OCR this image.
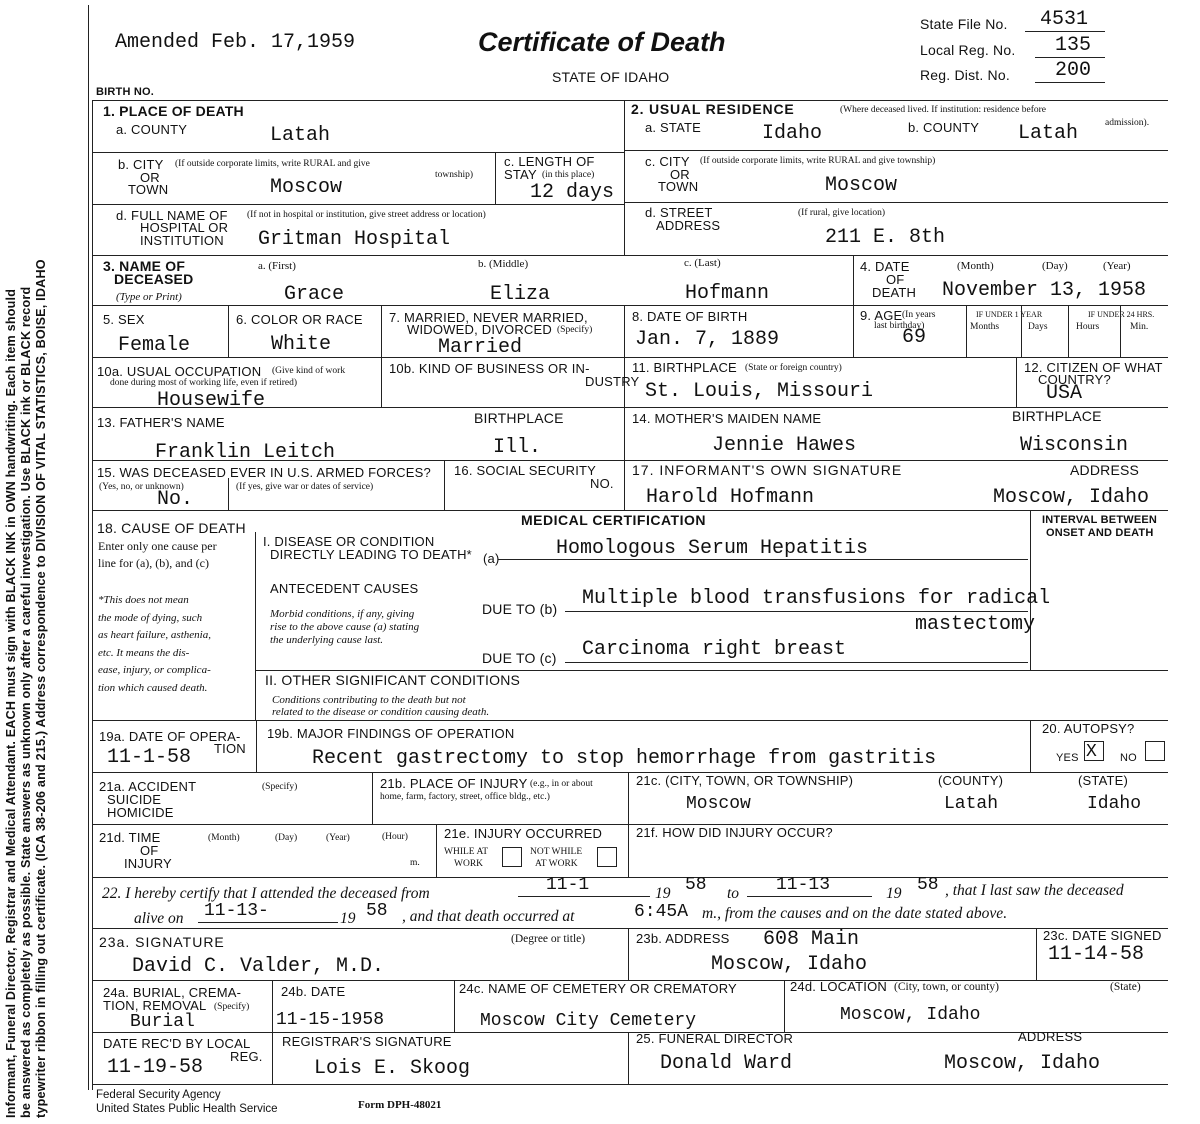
Informant, Funeral Director, Registrar and Medical Attendant. EACH must sign with BLACK INK in OWN handwriting. Each item should be answered as completely as possible. State answers as unknown only after a careful investigation. Use BLACK ink or BLACK record typewriter ribbon in filling out certificate. (ICA 38-206 and 215.) Address correspondence to DIVISION OF VITAL STATISTICS, BOISE, IDAHO
Amended Feb. 17,1959	Certificate of Death
STATE OF IDAHO
BIRTH NO.
State File No. 4531
Local Reg. No. 135
Reg. Dist. No. 200
1. PLACE OF DEATH
a. COUNTY	Latah
b. CITY (If outside corporate limits, write RURAL and give
township)
OR
TOWN	Moscow
c. LENGTH OF
STAY (in this place)
12 days
d. FULL NAME OF (If not in hospital or institution, give street address or location)
HOSPITAL OR
INSTITUTION Gritman Hospital
2. USUAL RESIDENCE	(Where deceased lived. If institution: residence before
admission).
a. STATE	Idaho	b. COUNTY Latah
c. CITY (If outside corporate limits, write RURAL and give township)
OR
TOWN	Moscow
d. STREET
ADDRESS
(If rural, give location)
211 E. 8th
3. NAME OF
DECEASED
(Type or Print)
a. (First)	b. (Middle)	c. (Last)
Grace	Eliza	Hofmann
4. DATE
OF
DEATH
(Month)	(Day)	(Year)
November 13, 1958
5. SEX
Female
6. COLOR OR RACE
White
7. MARRIED, NEVER MARRIED,
WIDOWED, DIVORCED (Specify)
Married
8. DATE OF BIRTH
Jan. 7, 1889
9. AGE (In years
last birthday)
69
IF UNDER 1 YEAR
Months	Days
IF UNDER 24 HRS.
Hours	Min.
10a. USUAL OCCUPATION (Give kind of work
done during most of working life, even if retired)
Housewife
10b. KIND OF BUSINESS OR IN-
DUSTRY
11. BIRTHPLACE (State or foreign country)
St. Louis, Missouri
12. CITIZEN OF WHAT
COUNTRY?
USA
13. FATHER'S NAME	BIRTHPLACE
Franklin Leitch	Ill.
14. MOTHER'S MAIDEN NAME	BIRTHPLACE
Jennie Hawes	Wisconsin
15. WAS DECEASED EVER IN U.S. ARMED FORCES?
(Yes, no, or unknown)	(If yes, give war or dates of service)
No.
16. SOCIAL SECURITY
NO.
17. INFORMANT'S OWN SIGNATURE	ADDRESS
Harold Hofmann	Moscow, Idaho
MEDICAL CERTIFICATION
18. CAUSE OF DEATH
Enter only one cause per
line for (a), (b), and (c)
*This does not mean
the mode of dying, such
as heart failure, asthenia,
etc. It means the dis-
ease, injury, or complica-
tion which caused death.
INTERVAL BETWEEN
ONSET AND DEATH
I. DISEASE OR CONDITION
DIRECTLY LEADING TO DEATH* (a)	Homologous Serum Hepatitis
ANTECEDENT CAUSES
Morbid conditions, if any, giving
rise to the above cause (a) stating
the underlying cause last.
DUE TO (b) Multiple blood transfusions for radical
mastectomy
DUE TO (c) Carcinoma right breast
II. OTHER SIGNIFICANT CONDITIONS
Conditions contributing to the death but not
related to the disease or condition causing death.
19a. DATE OF OPERA-
TION
11-1-58
19b. MAJOR FINDINGS OF OPERATION
Recent gastrectomy to stop hemorrhage from gastritis
20. AUTOPSY?
YES X NO
21a. ACCIDENT	(Specify)
SUICIDE
HOMICIDE
21b. PLACE OF INJURY (e.g., in or about
home, farm, factory, street, office bldg., etc.)
21c. (CITY, TOWN, OR TOWNSHIP)	(COUNTY)	(STATE)
Moscow	Latah	Idaho
21d. TIME
OF
INJURY
(Month)	(Day)	(Year)	(Hour)
m.
21e. INJURY OCCURRED
WHILE AT
WORK
NOT WHILE
AT WORK
21f. HOW DID INJURY OCCUR?
22. I hereby certify that I attended the deceased from	11-1	19 58 to 11-13	19 58 , that I last saw the deceased
alive on 11-13-	19 58 , and that death occurred at	6:45A m., from the causes and on the date stated above.
23a. SIGNATURE	(Degree or title)
David C. Valder, M.D.
23b. ADDRESS 608 Main
Moscow, Idaho
23c. DATE SIGNED
11-14-58
24a. BURIAL, CREMA-
TION, REMOVAL (Specify)
Burial
24b. DATE
11-15-1958
24c. NAME OF CEMETERY OR CREMATORY
Moscow City Cemetery
24d. LOCATION (City, town, or county)	(State)
Moscow, Idaho
DATE REC'D BY LOCAL
REG.
11-19-58
REGISTRAR'S SIGNATURE
Lois E. Skoog
25. FUNERAL DIRECTOR	ADDRESS
Donald Ward	Moscow, Idaho
Federal Security Agency
United States Public Health Service	Form DPH-48021
